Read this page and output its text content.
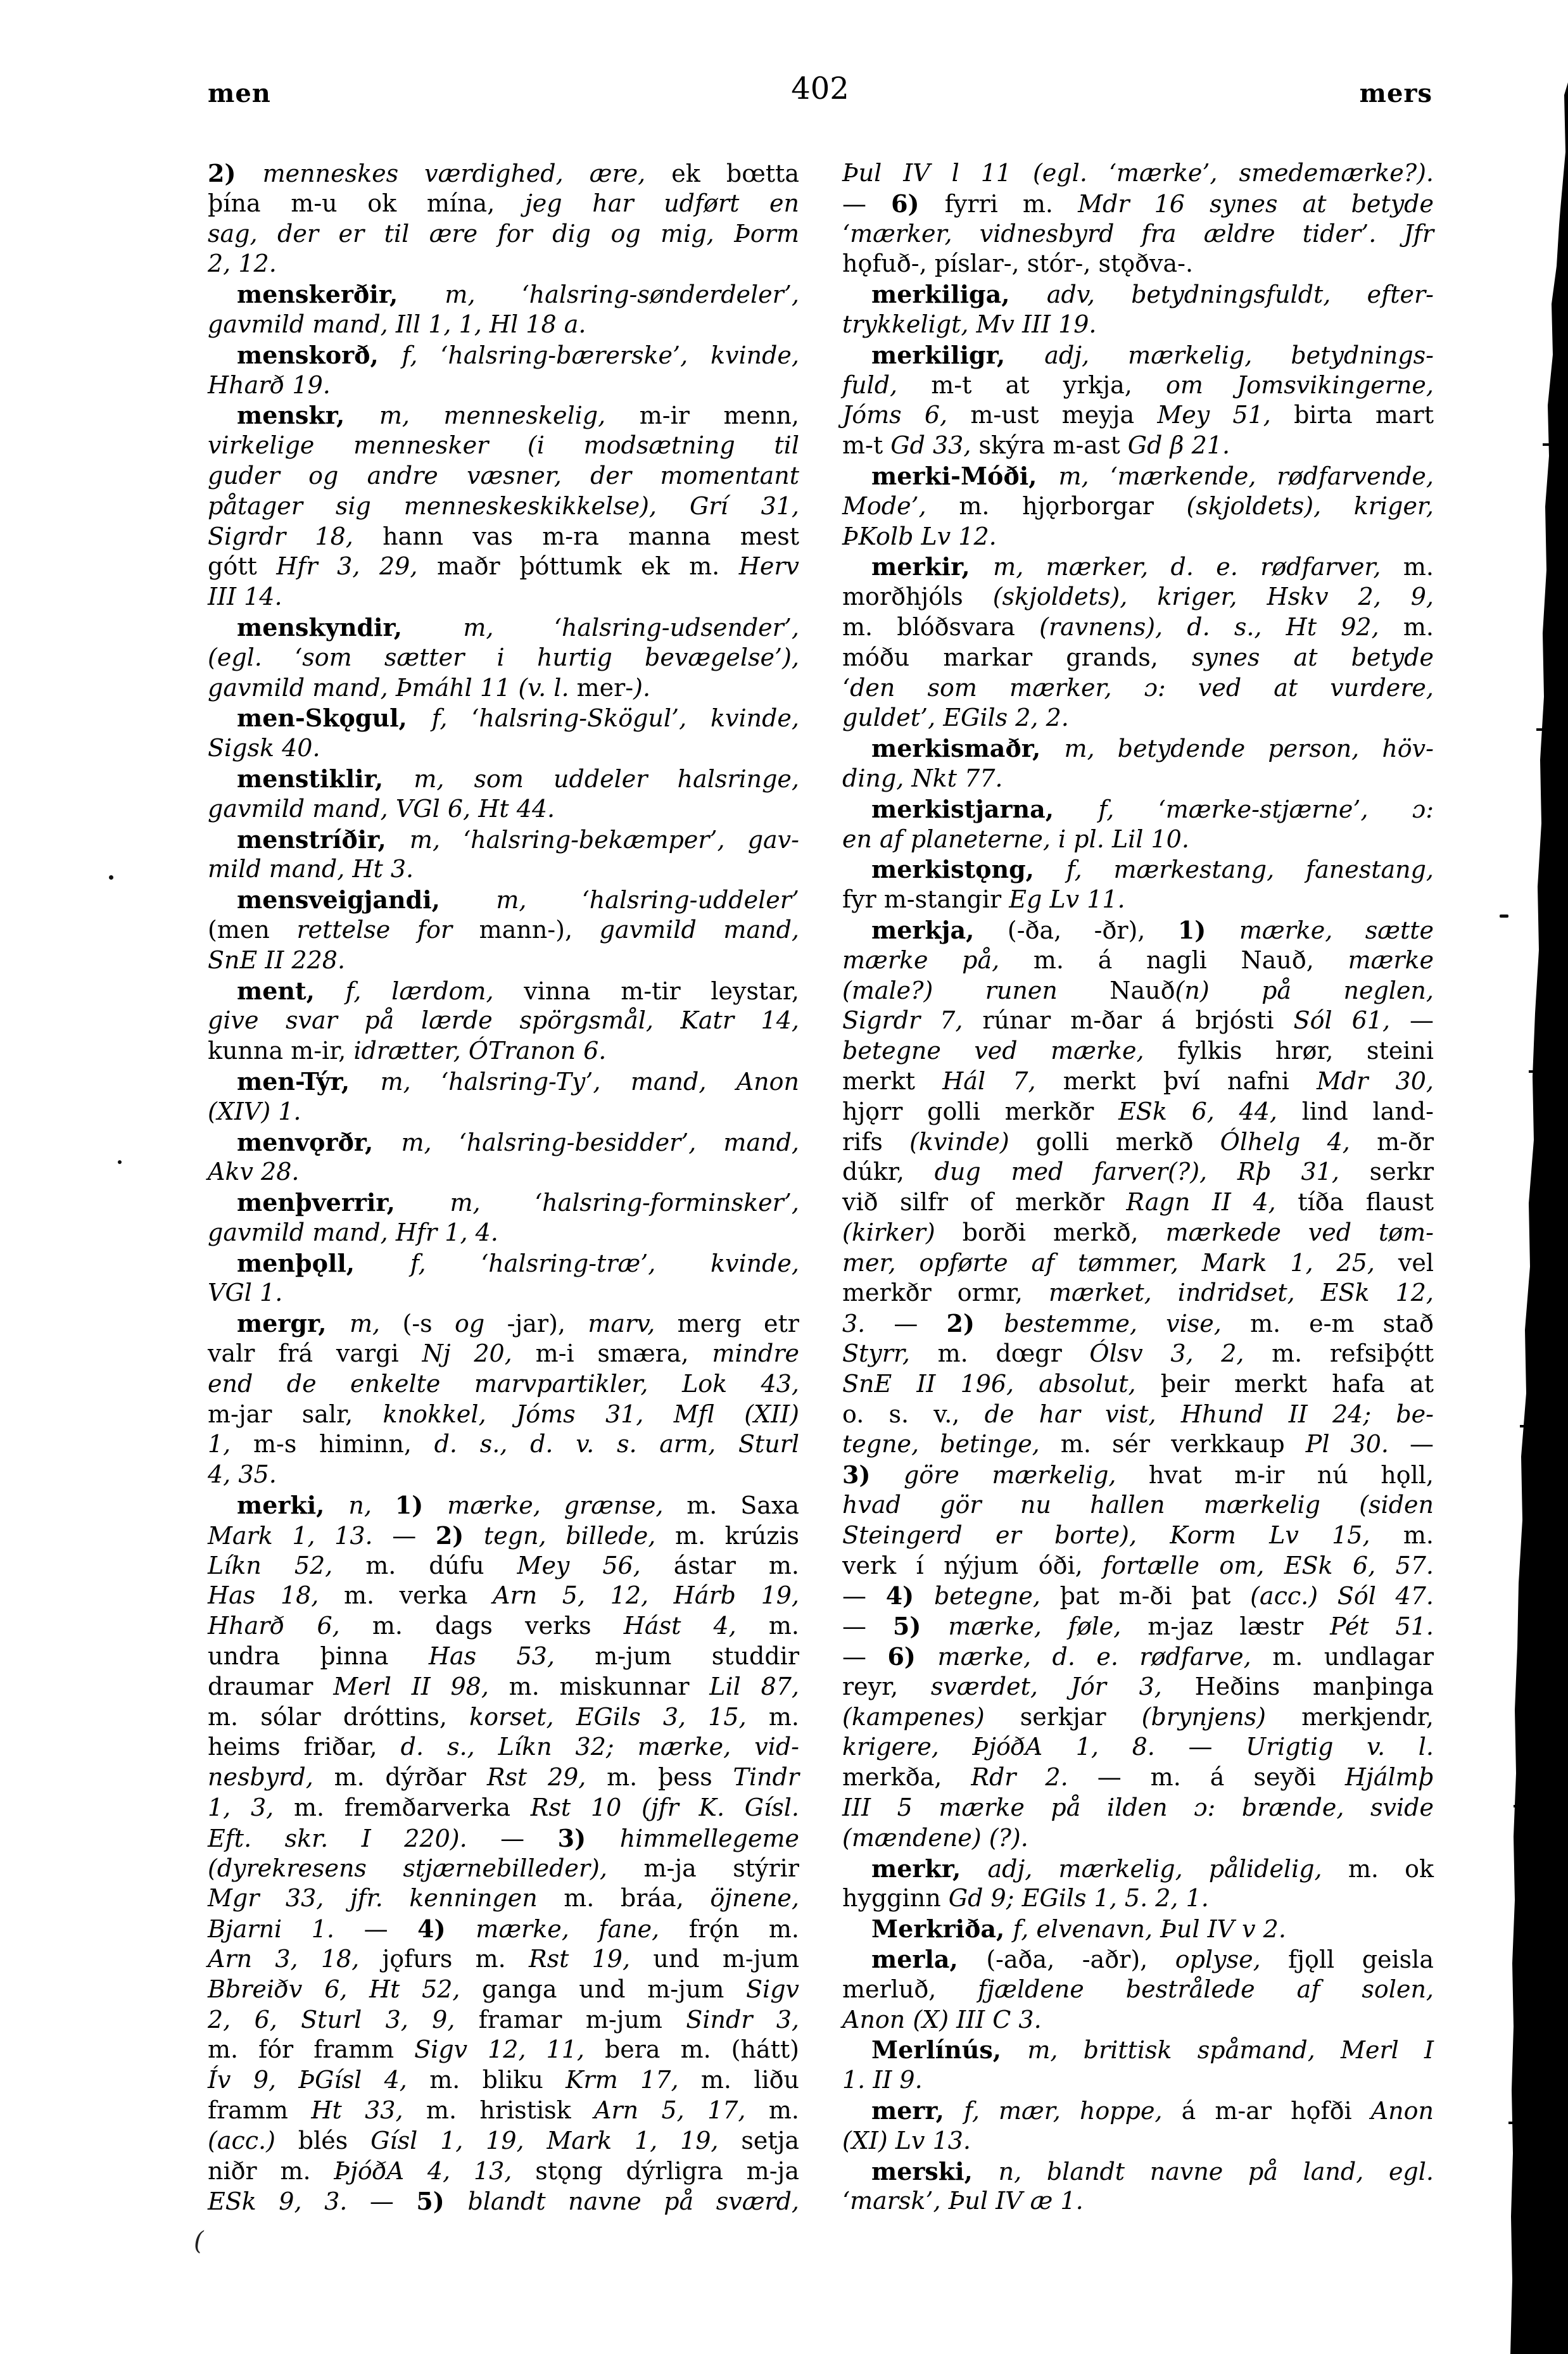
men	402	mers
2) menneskes værdighed, ære, ek bœtta
þína m-u ok mína, jeg har udført en
sag, der er til ære for dig og mig, Þorm
2, 12.
menskerðir, m, ‘halsring-sønderdeler’,
gavmild mand, Ill 1, 1, Hl 18 a.
menskorð, f, ‘halsring-bærerske’, kvinde,
Hharð 19.
menskr, m, menneskelig, m-ir menn,
virkelige mennesker (i modsætning til
guder og andre væsner, der momentant
påtager sig menneskeskikkelse), Grí 31,
Sigrdr 18, hann vas m-ra manna mest
gótt Hfr 3, 29, maðr þóttumk ek m. Herv
III 14.
menskyndir, m, ‘halsring-udsender’,
(egl. ‘som sætter i hurtig bevægelse’),
gavmild mand, Þmáhl 11 (v. l. mer-).
men-Skǫgul, f, ‘halsring-Skögul’, kvinde,
Sigsk 40.
menstiklir, m, som uddeler halsringe,
gavmild mand, VGl 6, Ht 44.
menstríðir, m, ‘halsring-bekæmper’, gav-
mild mand, Ht 3.
mensveigjandi, m, ‘halsring-uddeler’
(men rettelse for mann-), gavmild mand,
SnE II 228.
ment, f, lærdom, vinna m-tir leystar,
give svar på lærde spörgsmål, Katr 14,
kunna m-ir, idrætter, ÓTranon 6.
men-Týr, m, ‘halsring-Ty’, mand, Anon
(XIV) 1.
menvǫrðr, m, ‘halsring-besidder’, mand,
Akv 28.
menþverrir, m, ‘halsring-forminsker’,
gavmild mand, Hfr 1, 4.
menþǫll, f, ‘halsring-træ’, kvinde,
VGl 1.
mergr, m, (-s og -jar), marv, merg etr
valr frá vargi Nj 20, m-i smæra, mindre
end de enkelte marvpartikler, Lok 43,
m-jar salr, knokkel, Jóms 31, Mfl (XII)
1, m-s himinn, d. s., d. v. s. arm, Sturl
4, 35.
merki, n, 1) mærke, grænse, m. Saxa
Mark 1, 13. — 2) tegn, billede, m. krúzis
Líkn 52, m. dúfu Mey 56, ástar m.
Has 18, m. verka Arn 5, 12, Hárb 19,
Hharð 6, m. dags verks Hást 4, m.
undra þinna Has 53, m-jum studdir
draumar Merl II 98, m. miskunnar Lil 87,
m. sólar dróttins, korset, EGils 3, 15, m.
heims friðar, d. s., Líkn 32; mærke, vid-
nesbyrd, m. dýrðar Rst 29, m. þess Tindr
1, 3, m. fremðarverka Rst 10 (jfr K. Gísl.
Eft. skr. I 220). — 3) himmellegeme
(dyrekresens stjærnebilleder), m-ja stýrir
Mgr 33, jfr. kenningen m. bráa, öjnene,
Bjarni 1. — 4) mærke, fane, frǫ́n m.
Arn 3, 18, jǫfurs m. Rst 19, und m-jum
Bbreiðv 6, Ht 52, ganga und m-jum Sigv
2, 6, Sturl 3, 9, framar m-jum Sindr 3,
m. fór framm Sigv 12, 11, bera m. (hátt)
Ív 9, ÞGísl 4, m. bliku Krm 17, m. liðu
framm Ht 33, m. hristisk Arn 5, 17, m.
(acc.) blés Gísl 1, 19, Mark 1, 19, setja
niðr m. ÞjóðA 4, 13, stǫng dýrligra m-ja
ESk 9, 3. — 5) blandt navne på sværd,
Þul IV l 11 (egl. ‘mærke’, smedemærke?).
— 6) fyrri m. Mdr 16 synes at betyde
‘mærker, vidnesbyrd fra ældre tider’. Jfr
hǫfuð-, píslar-, stór-, stǫðva-.
merkiliga, adv, betydningsfuldt, efter-
trykkeligt, Mv III 19.
merkiligr, adj, mærkelig, betydnings-
fuld, m-t at yrkja, om Jomsvikingerne,
Jóms 6, m-ust meyja Mey 51, birta mart
m-t Gd 33, skýra m-ast Gd β 21.
merki-Móði, m, ‘mærkende, rødfarvende,
Mode’, m. hjǫrborgar (skjoldets), kriger,
ÞKolb Lv 12.
merkir, m, mærker, d. e. rødfarver, m.
morðhjóls (skjoldets), kriger, Hskv 2, 9,
m. blóðsvara (ravnens), d. s., Ht 92, m.
móðu markar grands, synes at betyde
‘den som mærker, ɔ: ved at vurdere,
guldet’, EGils 2, 2.
merkismaðr, m, betydende person, höv-
ding, Nkt 77.
merkistjarna, f, ‘mærke-stjærne’, ɔ:
en af planeterne, i pl. Lil 10.
merkistǫng, f, mærkestang, fanestang,
fyr m-stangir Eg Lv 11.
merkja, (-ða, -ðr), 1) mærke, sætte
mærke på, m. á nagli Nauð, mærke
(male?) runen Nauð(n) på neglen,
Sigrdr 7, rúnar m-ðar á brjósti Sól 61, —
betegne ved mærke, fylkis hrør, steini
merkt Hál 7, merkt því nafni Mdr 30,
hjǫrr golli merkðr ESk 6, 44, lind land-
rifs (kvinde) golli merkð Ólhelg 4, m-ðr
dúkr, dug med farver(?), Rþ 31, serkr
við silfr of merkðr Ragn II 4, tíða flaust
(kirker) borði merkð, mærkede ved tøm-
mer, opførte af tømmer, Mark 1, 25, vel
merkðr ormr, mærket, indridset, ESk 12,
3. — 2) bestemme, vise, m. e-m stað
Styrr, m. dœgr Ólsv 3, 2, m. refsiþǫ́tt
SnE II 196, absolut, þeir merkt hafa at
o. s. v., de har vist, Hhund II 24; be-
tegne, betinge, m. sér verkkaup Pl 30. —
3) göre mærkelig, hvat m-ir nú hǫll,
hvad gör nu hallen mærkelig (siden
Steingerd er borte), Korm Lv 15, m.
verk í nýjum óði, fortælle om, ESk 6, 57.
— 4) betegne, þat m-ði þat (acc.) Sól 47.
— 5) mærke, føle, m-jaz læstr Pét 51.
— 6) mærke, d. e. rødfarve, m. undlagar
reyr, sværdet, Jór 3, Heðins manþinga
(kampenes) serkjar (brynjens) merkjendr,
krigere, ÞjóðA 1, 8. — Urigtig v. l.
merkða, Rdr 2. — m. á seyði Hjálmþ
III 5 mærke på ilden ɔ: brænde, svide
(mændene) (?).
merkr, adj, mærkelig, pålidelig, m. ok
hygginn Gd 9; EGils 1, 5. 2, 1.
Merkriða, f, elvenavn, Þul IV v 2.
merla, (-aða, -aðr), oplyse, fjǫll geisla
merluð, fjældene bestrålede af solen,
Anon (X) III C 3.
Merlínús, m, brittisk spåmand, Merl I
1. II 9.
merr, f, mær, hoppe, á m-ar hǫfði Anon
(XI) Lv 13.
merski, n, blandt navne på land, egl.
‘marsk’, Þul IV æ 1.
(
